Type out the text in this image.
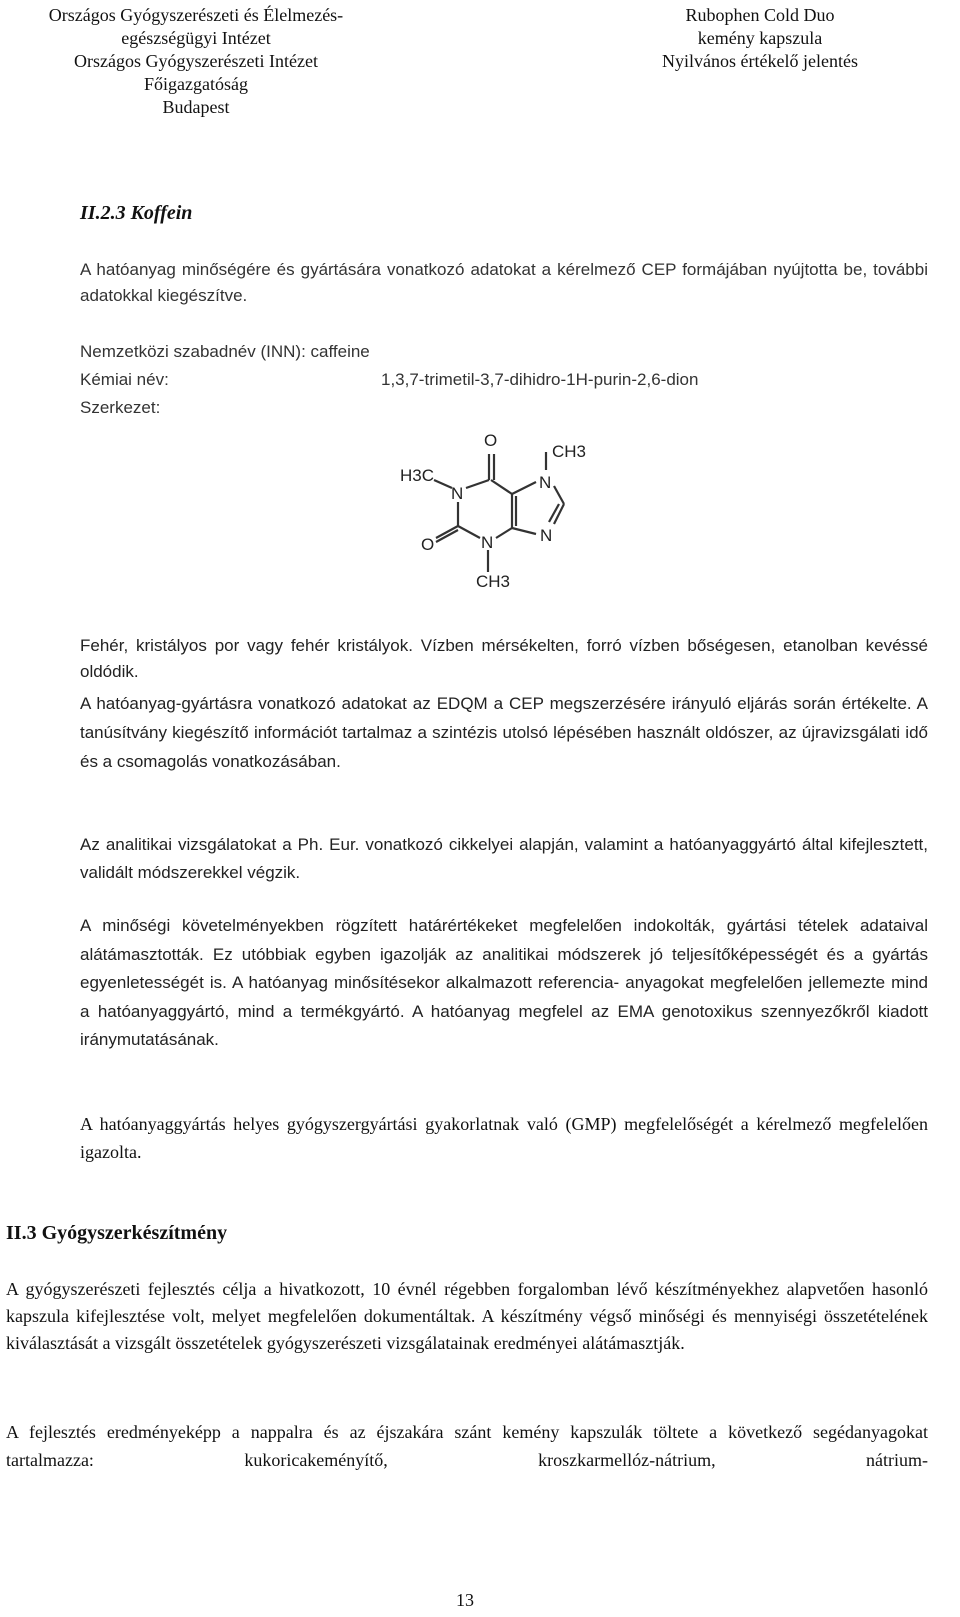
Országos Gyógyszerészeti és Élelmezés-
egészségügyi Intézet
Országos Gyógyszerészeti Intézet
Főigazgatóság
Budapest
Rubophen Cold Duo
kemény kapszula
Nyilvános értékelő jelentés
II.2.3 Koffein
A hatóanyag minőségére és gyártására vonatkozó adatokat a kérelmező CEP formájában nyújtotta be, további adatokkal kiegészítve.
Nemzetközi szabadnév (INN): caffeine
Kémiai név:	1,3,7-trimetil-3,7-dihidro-1H-purin-2,6-dion
Szerkezet:
O
CH3
H3C
N
N
N
O	N
CH3
Fehér, kristályos por vagy fehér kristályok. Vízben mérsékelten, forró vízben bőségesen, etanolban kevéssé oldódik.
A hatóanyag-gyártásra vonatkozó adatokat az EDQM a CEP megszerzésére irányuló eljárás során értékelte. A tanúsítvány kiegészítő információt tartalmaz a szintézis utolsó lépésében használt oldószer, az újravizsgálati idő és a csomagolás vonatkozásában.
Az analitikai vizsgálatokat a Ph. Eur. vonatkozó cikkelyei alapján, valamint a hatóanyaggyártó által kifejlesztett, validált módszerekkel végzik.
A minőségi követelményekben rögzített határértékeket megfelelően indokolták, gyártási tételek adataival alátámasztották. Ez utóbbiak egyben igazolják az analitikai módszerek jó teljesítőképességét és a gyártás egyenletességét is. A hatóanyag minősítésekor alkalmazott referencia- anyagokat megfelelően jellemezte mind a hatóanyaggyártó, mind a termékgyártó. A hatóanyag megfelel az EMA genotoxikus szennyezőkről kiadott iránymutatásának.
A hatóanyaggyártás helyes gyógyszergyártási gyakorlatnak való (GMP) megfelelőségét a kérelmező megfelelően igazolta.
II.3 Gyógyszerkészítmény
A gyógyszerészeti fejlesztés célja a hivatkozott, 10 évnél régebben forgalomban lévő készítményekhez alapvetően hasonló kapszula kifejlesztése volt, melyet megfelelően dokumentáltak. A készítmény végső minőségi és mennyiségi összetételének kiválasztását a vizsgált összetételek gyógyszerészeti vizsgálatainak eredményei alátámasztják.
A fejlesztés eredményeképp a nappalra és az éjszakára szánt kemény kapszulák töltete a következő segédanyagokat tartalmazza: kukoricakeményítő, kroszkarmellóz-nátrium, nátrium-
13
